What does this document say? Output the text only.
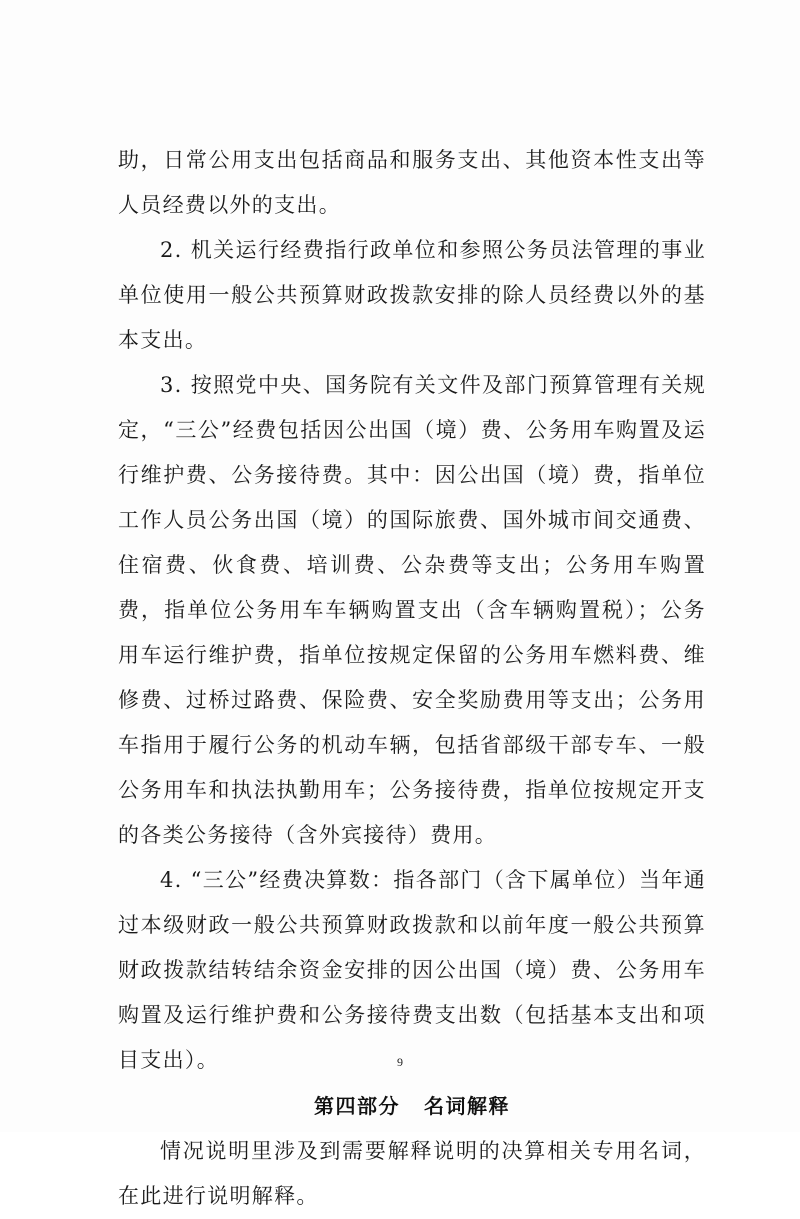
助，日常公用支出包括商品和服务支出、其他资本性支出等人员经费以外的支出。

2. 机关运行经费指行政单位和参照公务员法管理的事业单位使用一般公共预算财政拨款安排的除人员经费以外的基本支出。

3. 按照党中央、国务院有关文件及部门预算管理有关规定，“三公”经费包括因公出国（境）费、公务用车购置及运行维护费、公务接待费。其中：因公出国（境）费，指单位工作人员公务出国（境）的国际旅费、国外城市间交通费、住宿费、伙食费、培训费、公杂费等支出；公务用车购置费，指单位公务用车车辆购置支出（含车辆购置税）；公务用车运行维护费，指单位按规定保留的公务用车燃料费、维修费、过桥过路费、保险费、安全奖励费用等支出；公务用车指用于履行公务的机动车辆，包括省部级干部专车、一般公务用车和执法执勤用车；公务接待费，指单位按规定开支的各类公务接待（含外宾接待）费用。

4. “三公”经费决算数：指各部门（含下属单位）当年通过本级财政一般公共预算财政拨款和以前年度一般公共预算财政拨款结转结余资金安排的因公出国（境）费、公务用车购置及运行维护费和公务接待费支出数（包括基本支出和项目支出）。

第四部分 名词解释

情况说明里涉及到需要解释说明的决算相关专用名词，在此进行说明解释。

9
